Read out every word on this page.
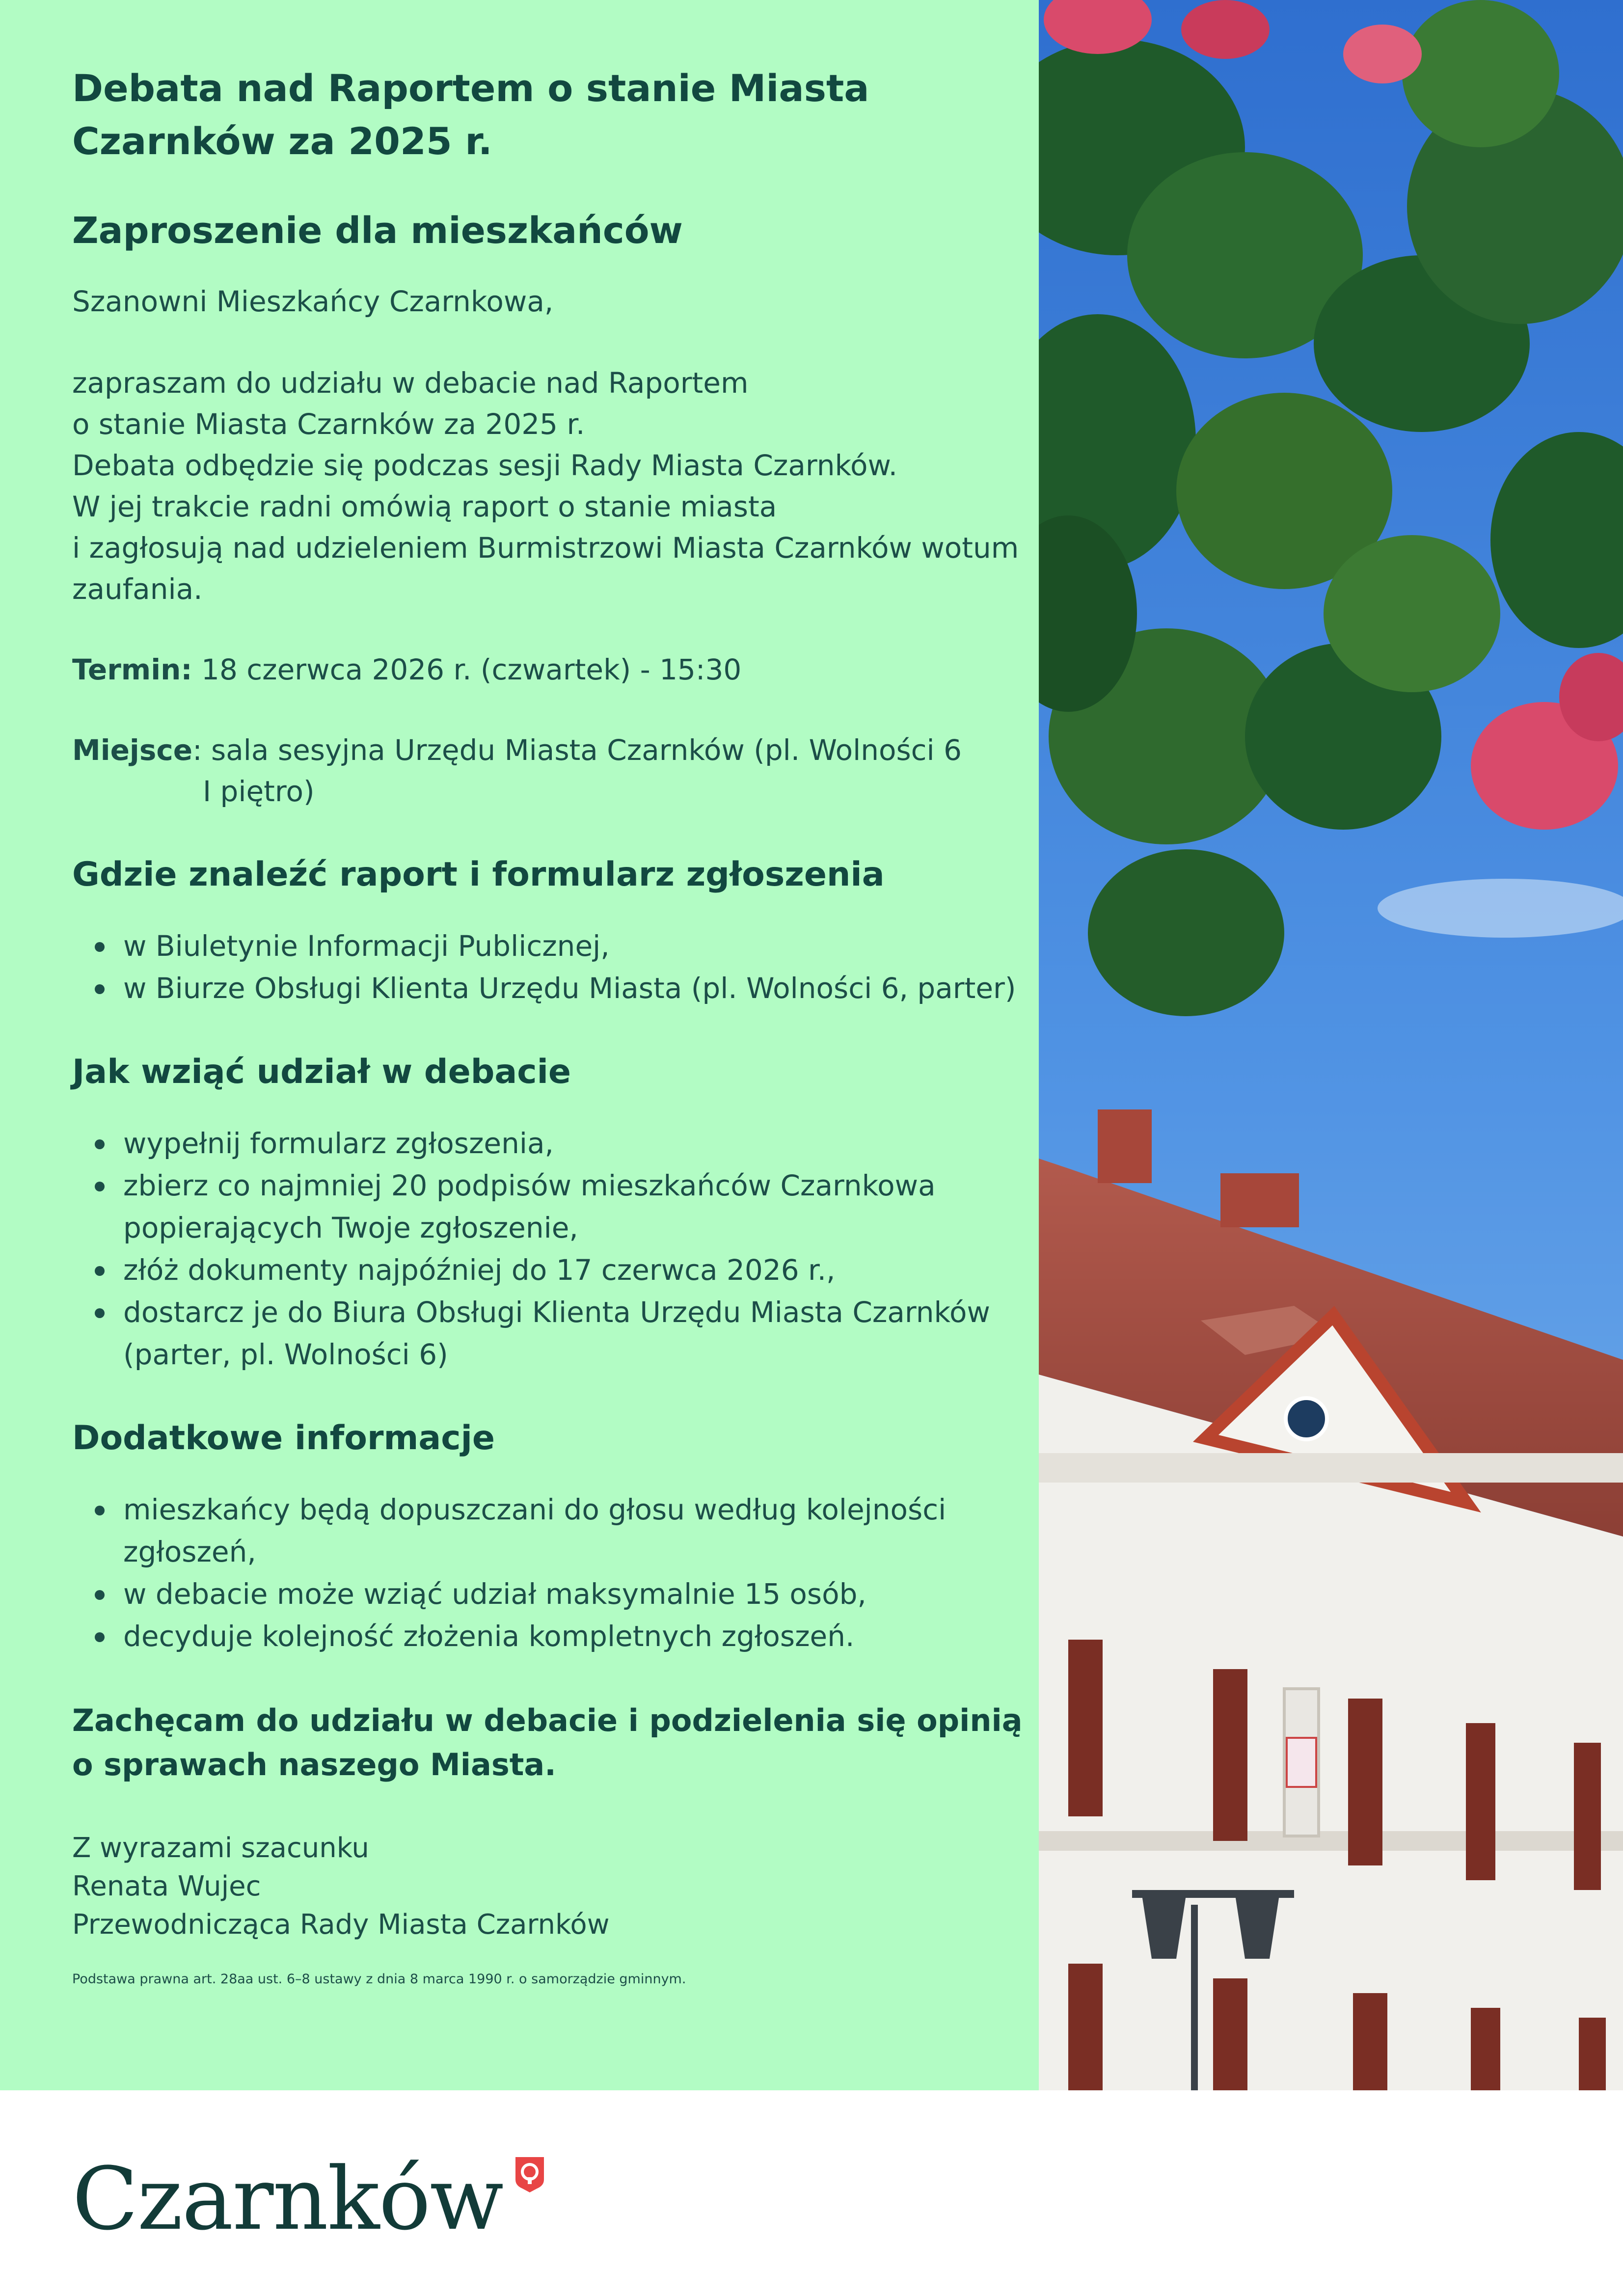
Debata nad Raportem o stanie Miasta Czarnków za 2025 r.
Zaproszenie dla mieszkańców

Szanowni Mieszkańcy Czarnkowa,

zapraszam do udziału w debacie nad Raportem
o stanie Miasta Czarnków za 2025 r.
Debata odbędzie się podczas sesji Rady Miasta Czarnków.
W jej trakcie radni omówią raport o stanie miasta
i zagłosują nad udzieleniem Burmistrzowi Miasta Czarnków wotum
zaufania.

Termin: 18 czerwca 2026 r. (czwartek) - 15:30

Miejsce: sala sesyjna Urzędu Miasta Czarnków (pl. Wolności 6

I piętro)

Gdzie znaleźć raport i formularz zgłoszenia
w Biuletynie Informacji Publicznej,
w Biurze Obsługi Klienta Urzędu Miasta (pl. Wolności 6, parter)
Jak wziąć udział w debacie
wypełnij formularz zgłoszenia,
zbierz co najmniej 20 podpisów mieszkańców Czarnkowa
popierających Twoje zgłoszenie,
złóż dokumenty najpóźniej do 17 czerwca 2026 r.,
dostarcz je do Biura Obsługi Klienta Urzędu Miasta Czarnków
(parter, pl. Wolności 6)
Dodatkowe informacje
mieszkańcy będą dopuszczani do głosu według kolejności
zgłoszeń,
w debacie może wziąć udział maksymalnie 15 osób,
decyduje kolejność złożenia kompletnych zgłoszeń.
Zachęcam do udziału w debacie i podzielenia się opinią
o sprawach naszego Miasta.
Z wyrazami szacunku
Renata Wujec
Przewodnicząca Rady Miasta Czarnków

Podstawa prawna art. 28aa ust. 6–8 ustawy z dnia 8 marca 1990 r. o samorządzie gminnym.

Czarnków
